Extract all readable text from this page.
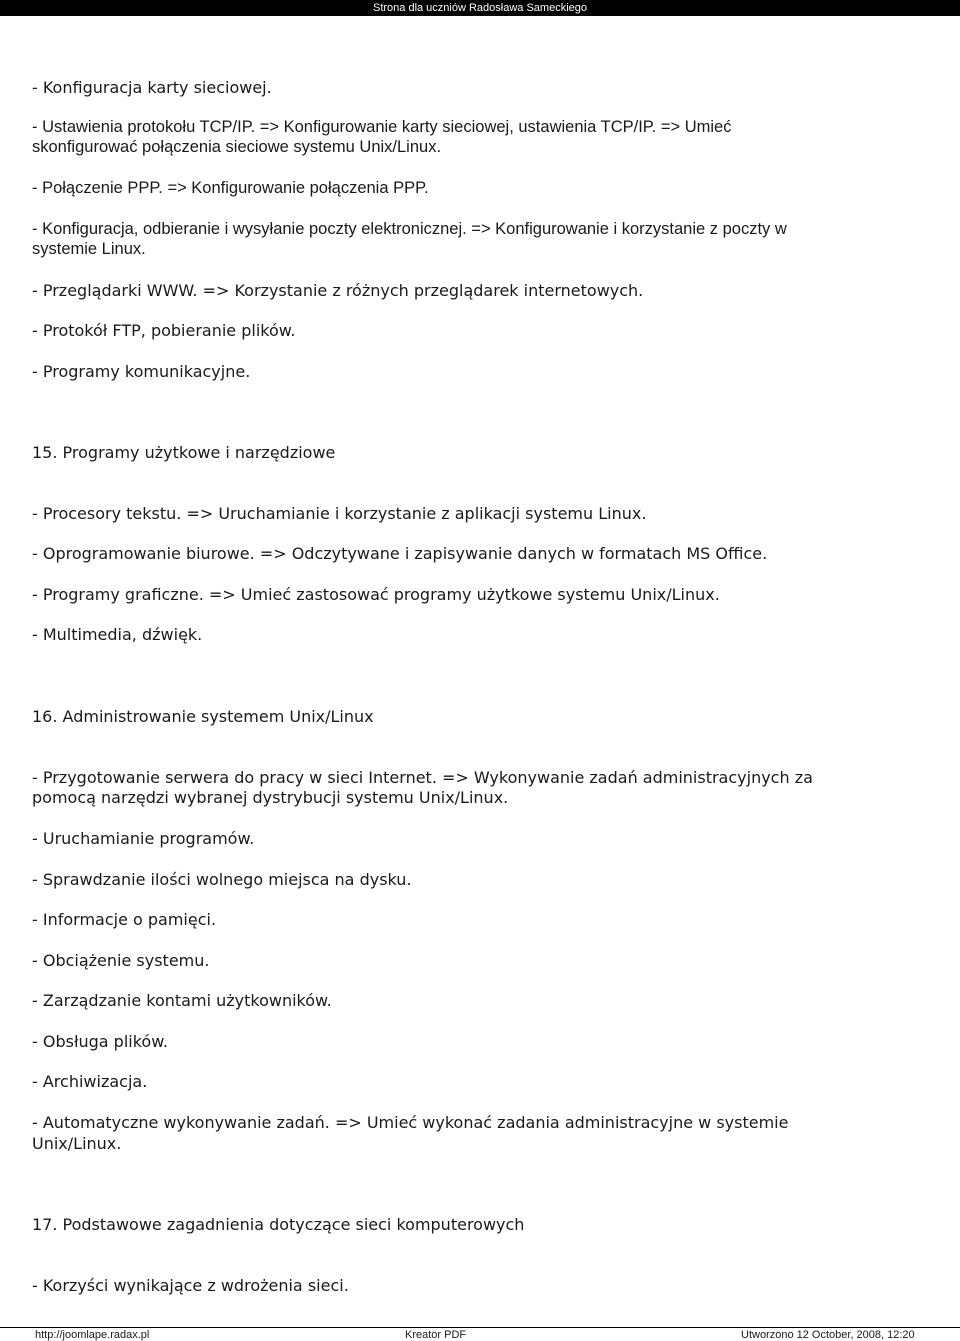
Strona dla uczniów Radosława Sameckiego
- Konfiguracja karty sieciowej.
- Ustawienia protokołu TCP/IP. => Konfigurowanie karty sieciowej, ustawienia TCP/IP. => Umieć
skonfigurować połączenia sieciowe systemu Unix/Linux.
- Połączenie PPP. => Konfigurowanie połączenia PPP.
- Konfiguracja, odbieranie i wysyłanie poczty elektronicznej. => Konfigurowanie i korzystanie z poczty w
systemie Linux.
- Przeglądarki WWW. => Korzystanie z różnych przeglądarek internetowych.
- Protokół FTP, pobieranie plików.
- Programy komunikacyjne.
15. Programy użytkowe i narzędziowe
- Procesory tekstu. => Uruchamianie i korzystanie z aplikacji systemu Linux.
- Oprogramowanie biurowe. => Odczytywane i zapisywanie danych w formatach MS Office.
- Programy graficzne. => Umieć zastosować programy użytkowe systemu Unix/Linux.
- Multimedia, dźwięk.
16. Administrowanie systemem Unix/Linux
- Przygotowanie serwera do pracy w sieci Internet. => Wykonywanie zadań administracyjnych za
pomocą narzędzi wybranej dystrybucji systemu Unix/Linux.
- Uruchamianie programów.
- Sprawdzanie ilości wolnego miejsca na dysku.
- Informacje o pamięci.
- Obciążenie systemu.
- Zarządzanie kontami użytkowników.
- Obsługa plików.
- Archiwizacja.
- Automatyczne wykonywanie zadań. => Umieć wykonać zadania administracyjne w systemie
Unix/Linux.
17. Podstawowe zagadnienia dotyczące sieci komputerowych
- Korzyści wynikające z wdrożenia sieci.
http://joomlape.radax.pl	Kreator PDF	Utworzono 12 October, 2008, 12:20
